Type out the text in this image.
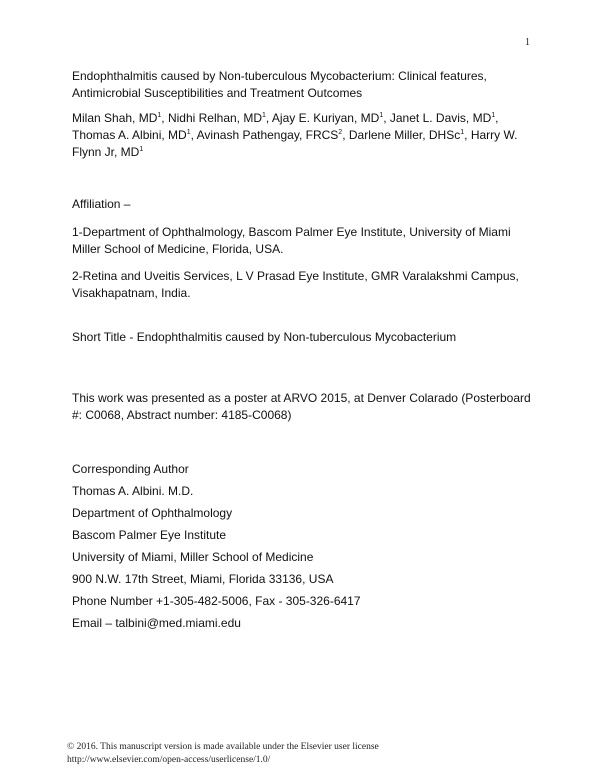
1

Endophthalmitis caused by Non-tuberculous Mycobacterium: Clinical features, Antimicrobial Susceptibilities and Treatment Outcomes

Milan Shah, $MD^1$, Nidhi Relhan, $MD^1$, Ajay E. Kuriyan, $MD^1$, Janet L. Davis, $MD^1$, Thomas A. Albini, $MD^1$, Avinash Pathengay, FRCS$^2$, Darlene Miller, DHSc$^1$, Harry W. Flynn Jr, $MD^1$

Affiliation –

1-Department of Ophthalmology, Bascom Palmer Eye Institute, University of Miami Miller School of Medicine, Florida, USA.

2-Retina and Uveitis Services, L V Prasad Eye Institute, GMR Varalakshmi Campus, Visakhapatnam, India.

Short Title - Endophthalmitis caused by Non-tuberculous Mycobacterium

This work was presented as a poster at ARVO 2015, at Denver Colarado (Posterboard #: C0068, Abstract number: 4185-C0068)

Corresponding Author

Thomas A. Albini. M.D.

Department of Ophthalmology

Bascom Palmer Eye Institute

University of Miami, Miller School of Medicine

900 N.W. 17th Street, Miami, Florida 33136, USA

Phone Number +1-305-482-5006, Fax - 305-326-6417

Email – talbini@med.miami.edu

© 2016. This manuscript version is made available under the Elsevier user license
http://www.elsevier.com/open-access/userlicense/1.0/
